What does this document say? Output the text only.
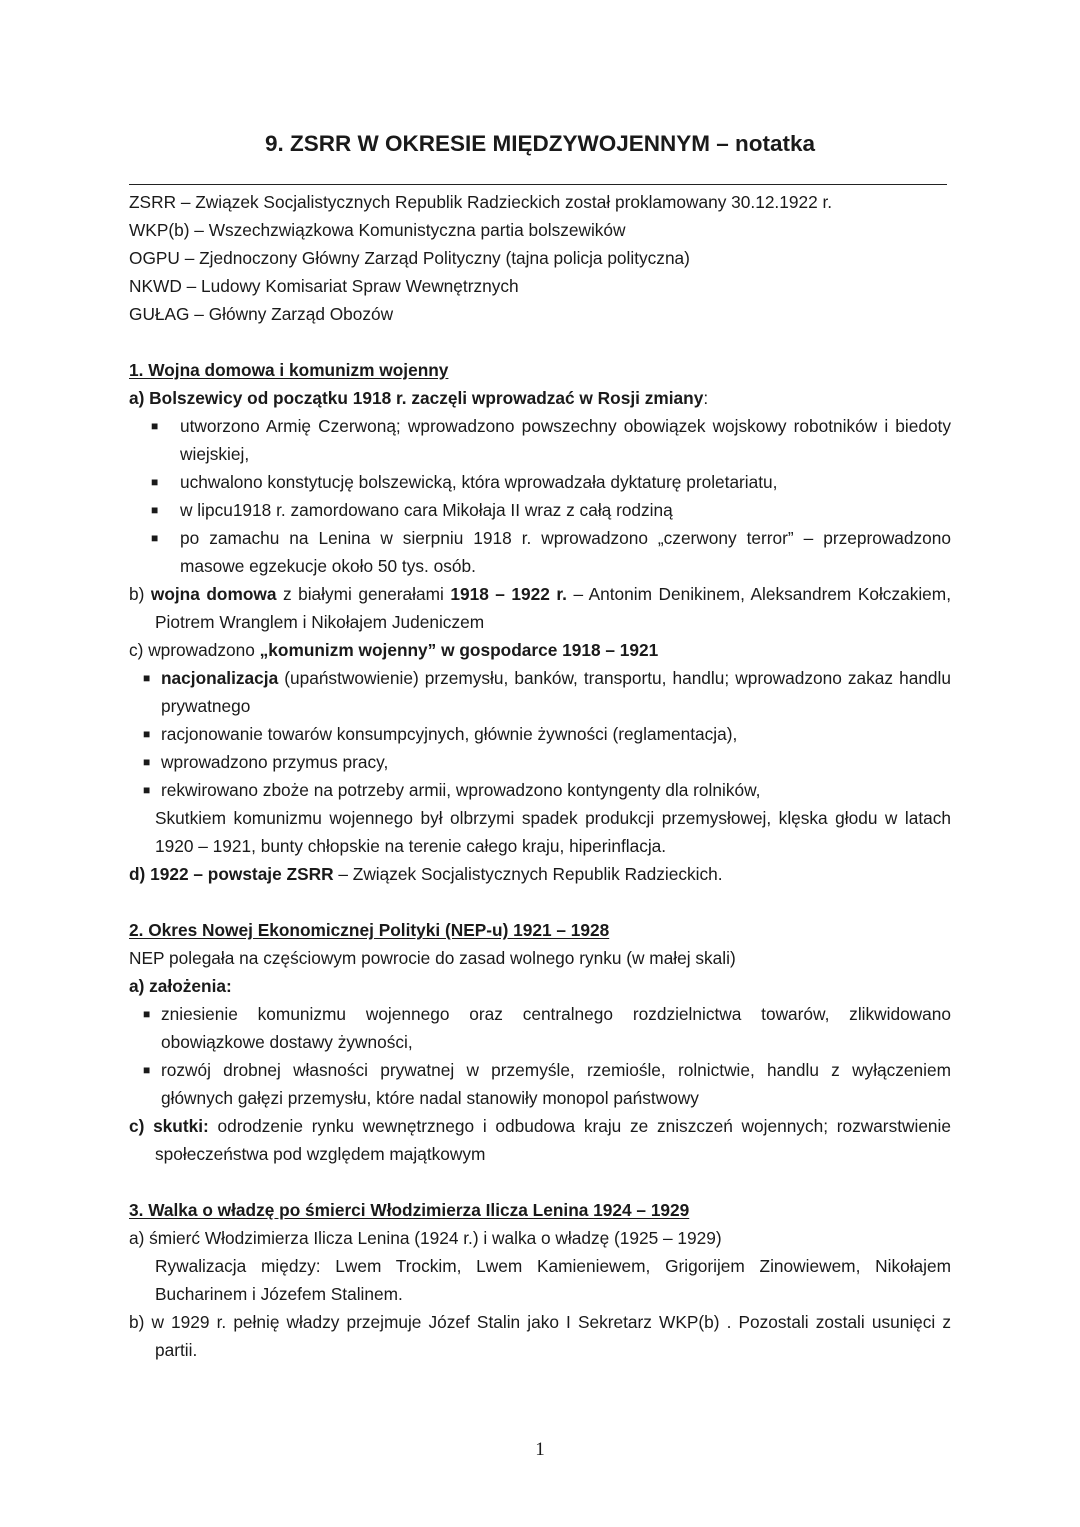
9. ZSRR W OKRESIE MIĘDZYWOJENNYM – notatka

ZSRR – Związek Socjalistycznych Republik Radzieckich został proklamowany 30.12.1922 r.

WKP(b) – Wszechzwiązkowa Komunistyczna partia bolszewików

OGPU – Zjednoczony Główny Zarząd Polityczny (tajna policja polityczna)

NKWD – Ludowy Komisariat Spraw Wewnętrznych

GUŁAG – Główny Zarząd Obozów

1. Wojna domowa i komunizm wojenny

a) Bolszewicy od początku 1918 r. zaczęli wprowadzać w Rosji zmiany:

■ utworzono Armię Czerwoną; wprowadzono powszechny obowiązek wojskowy robotników i biedoty wiejskiej,

■ uchwalono konstytucję bolszewicką, która wprowadzała dyktaturę proletariatu,

■ w lipcu1918 r. zamordowano cara Mikołaja II wraz z całą rodziną

■ po zamachu na Lenina w sierpniu 1918 r. wprowadzono „czerwony terror” – przeprowadzono masowe egzekucje około 50 tys. osób.

b) wojna domowa z białymi generałami 1918 – 1922 r. – Antonim Denikinem, Aleksandrem Kołczakiem, Piotrem Wranglem i Nikołajem Judeniczem

c) wprowadzono „komunizm wojenny” w gospodarce 1918 – 1921

■ nacjonalizacja (upaństwowienie) przemysłu, banków, transportu, handlu; wprowadzono zakaz handlu prywatnego

■ racjonowanie towarów konsumpcyjnych, głównie żywności (reglamentacja),

■ wprowadzono przymus pracy,

■ rekwirowano zboże na potrzeby armii, wprowadzono kontyngenty dla rolników,

Skutkiem komunizmu wojennego był olbrzymi spadek produkcji przemysłowej, klęska głodu w latach 1920 – 1921, bunty chłopskie na terenie całego kraju, hiperinflacja.

d) 1922 – powstaje ZSRR – Związek Socjalistycznych Republik Radzieckich.

2. Okres Nowej Ekonomicznej Polityki (NEP-u) 1921 – 1928

NEP polegała na częściowym powrocie do zasad wolnego rynku (w małej skali)

a) założenia:

■ zniesienie komunizmu wojennego oraz centralnego rozdzielnictwa towarów, zlikwidowano obowiązkowe dostawy żywności,

■ rozwój drobnej własności prywatnej w przemyśle, rzemiośle, rolnictwie, handlu z wyłączeniem głównych gałęzi przemysłu, które nadal stanowiły monopol państwowy

c) skutki: odrodzenie rynku wewnętrznego i odbudowa kraju ze zniszczeń wojennych; rozwarstwienie społeczeństwa pod względem majątkowym

3. Walka o władzę po śmierci Włodzimierza Ilicza Lenina 1924 – 1929

a) śmierć Włodzimierza Ilicza Lenina (1924 r.) i walka o władzę (1925 – 1929)

Rywalizacja między: Lwem Trockim, Lwem Kamieniewem, Grigorijem Zinowiewem, Nikołajem Bucharinem i Józefem Stalinem.

b) w 1929 r. pełnię władzy przejmuje Józef Stalin jako I Sekretarz WKP(b) . Pozostali zostali usunięci z partii.

1
